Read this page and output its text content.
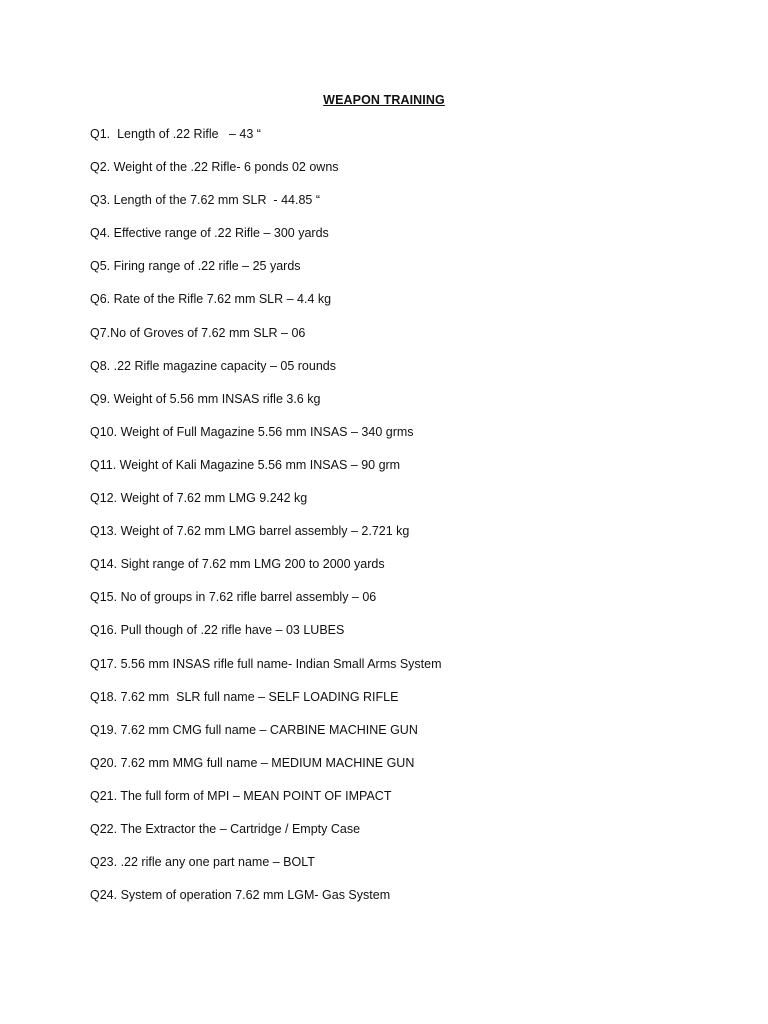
WEAPON TRAINING
Q1.  Length of .22 Rifle   – 43 “
Q2. Weight of the .22 Rifle- 6 ponds 02 owns
Q3. Length of the 7.62 mm SLR  - 44.85 “
Q4. Effective range of .22 Rifle – 300 yards
Q5. Firing range of .22 rifle – 25 yards
Q6. Rate of the Rifle 7.62 mm SLR – 4.4 kg
Q7.No of Groves of 7.62 mm SLR – 06
Q8. .22 Rifle magazine capacity – 05 rounds
Q9. Weight of 5.56 mm INSAS rifle 3.6 kg
Q10. Weight of Full Magazine 5.56 mm INSAS – 340 grms
Q11. Weight of Kali Magazine 5.56 mm INSAS – 90 grm
Q12. Weight of 7.62 mm LMG 9.242 kg
Q13. Weight of 7.62 mm LMG barrel assembly – 2.721 kg
Q14. Sight range of 7.62 mm LMG 200 to 2000 yards
Q15. No of groups in 7.62 rifle barrel assembly – 06
Q16. Pull though of .22 rifle have – 03 LUBES
Q17. 5.56 mm INSAS rifle full name- Indian Small Arms System
Q18. 7.62 mm  SLR full name – SELF LOADING RIFLE
Q19. 7.62 mm CMG full name – CARBINE MACHINE GUN
Q20. 7.62 mm MMG full name – MEDIUM MACHINE GUN
Q21. The full form of MPI – MEAN POINT OF IMPACT
Q22. The Extractor the – Cartridge / Empty Case
Q23. .22 rifle any one part name – BOLT
Q24. System of operation 7.62 mm LGM- Gas System
